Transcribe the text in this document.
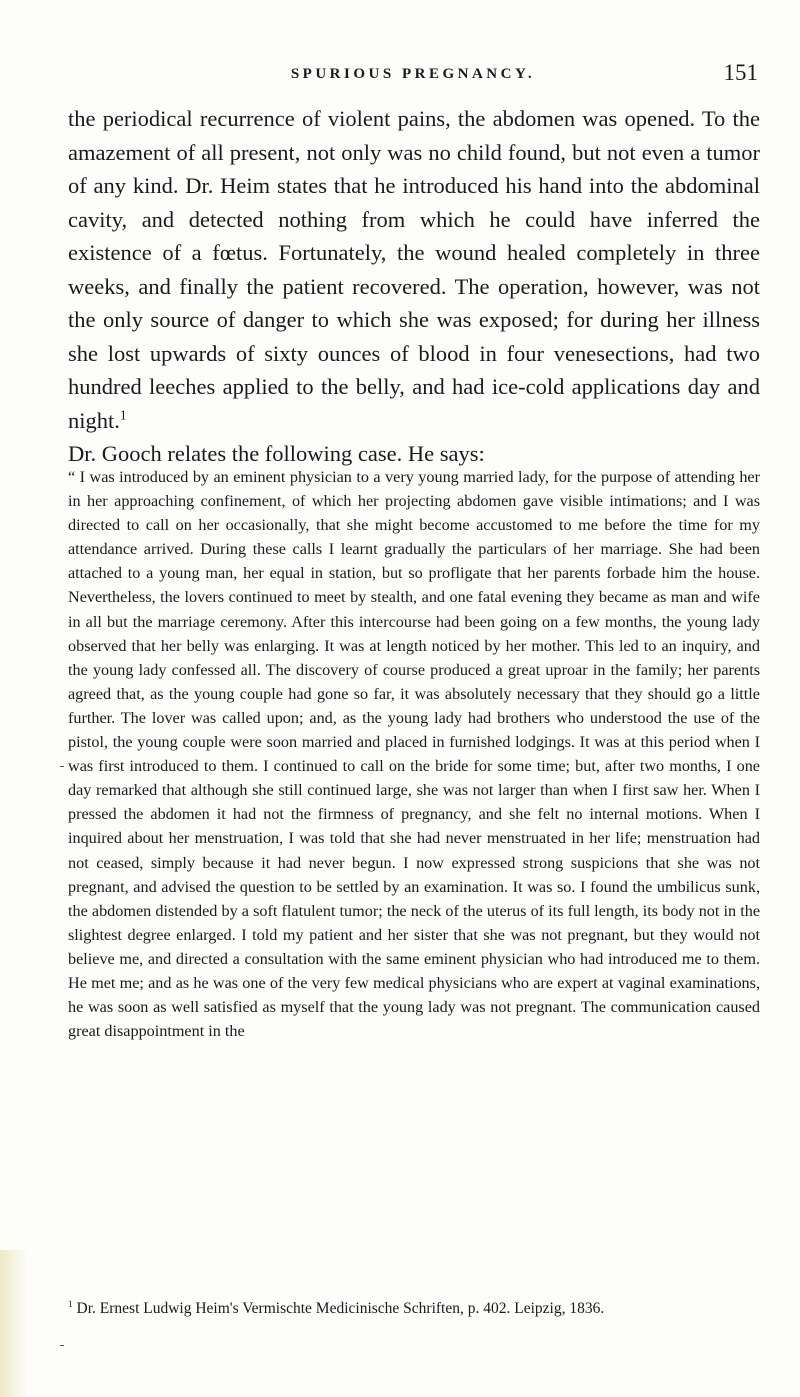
SPURIOUS PREGNANCY.	151

the periodical recurrence of violent pains, the abdomen was opened. To the amazement of all present, not only was no child found, but not even a tumor of any kind. Dr. Heim states that he introduced his hand into the abdominal cavity, and detected nothing from which he could have inferred the existence of a fœtus. Fortunately, the wound healed completely in three weeks, and finally the patient recovered. The operation, however, was not the only source of danger to which she was exposed; for during her illness she lost upwards of sixty ounces of blood in four venesections, had two hundred leeches applied to the belly, and had ice-cold applications day and night.$^1$
Dr. Gooch relates the following case. He says:

“ I was introduced by an eminent physician to a very young married lady, for the purpose of attending her in her approaching confinement, of which her projecting abdomen gave visible intimations; and I was directed to call on her occasionally, that she might become accustomed to me before the time for my attendance arrived. During these calls I learnt gradually the particulars of her marriage. She had been attached to a young man, her equal in station, but so profligate that her parents forbade him the house. Nevertheless, the lovers continued to meet by stealth, and one fatal evening they became as man and wife in all but the marriage ceremony. After this intercourse had been going on a few months, the young lady observed that her belly was enlarging. It was at length noticed by her mother. This led to an inquiry, and the young lady confessed all. The discovery of course produced a great uproar in the family; her parents agreed that, as the young couple had gone so far, it was absolutely necessary that they should go a little further. The lover was called upon; and, as the young lady had brothers who understood the use of the pistol, the young couple were soon married and placed in furnished lodgings. It was at this period when I was first introduced to them. I continued to call on the bride for some time; but, after two months, I one day remarked that although she still continued large, she was not larger than when I first saw her. When I pressed the abdomen it had not the firmness of pregnancy, and she felt no internal motions. When I inquired about her menstruation, I was told that she had never menstruated in her life; menstruation had not ceased, simply because it had never begun. I now expressed strong suspicions that she was not pregnant, and advised the question to be settled by an examination. It was so. I found the umbilicus sunk, the abdomen distended by a soft flatulent tumor; the neck of the uterus of its full length, its body not in the slightest degree enlarged. I told my patient and her sister that she was not pregnant, but they would not believe me, and directed a consultation with the same eminent physician who had introduced me to them. He met me; and as he was one of the very few medical physicians who are expert at vaginal examinations, he was soon as well satisfied as myself that the young lady was not pregnant. The communication caused great disappointment in the

$^1$ Dr. Ernest Ludwig Heim's Vermischte Medicinische Schriften, p. 402. Leipzig, 1836.
